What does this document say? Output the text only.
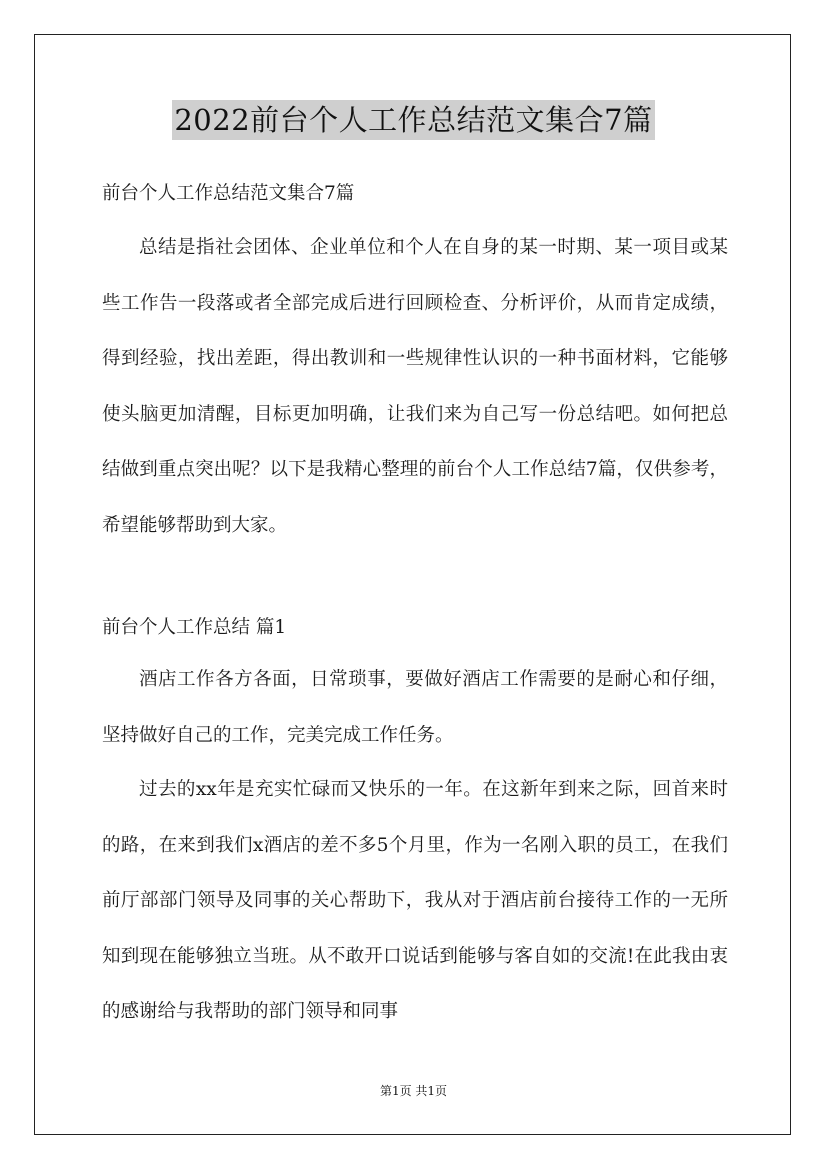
2022前台个人工作总结范文集合7篇

前台个人工作总结范文集合7篇

总结是指社会团体、企业单位和个人在自身的某一时期、某一项目或某些工作告一段落或者全部完成后进行回顾检查、分析评价，从而肯定成绩，得到经验，找出差距，得出教训和一些规律性认识的一种书面材料，它能够使头脑更加清醒，目标更加明确，让我们来为自己写一份总结吧。如何把总结做到重点突出呢？以下是我精心整理的前台个人工作总结7篇，仅供参考，希望能够帮助到大家。

前台个人工作总结 篇1

酒店工作各方各面，日常琐事，要做好酒店工作需要的是耐心和仔细，坚持做好自己的工作，完美完成工作任务。

过去的xx年是充实忙碌而又快乐的一年。在这新年到来之际，回首来时的路，在来到我们x酒店的差不多5个月里，作为一名刚入职的员工，在我们前厅部部门领导及同事的关心帮助下，我从对于酒店前台接待工作的一无所知到现在能够独立当班。从不敢开口说话到能够与客自如的交流!在此我由衷的感谢给与我帮助的部门领导和同事

第1页 共1页
